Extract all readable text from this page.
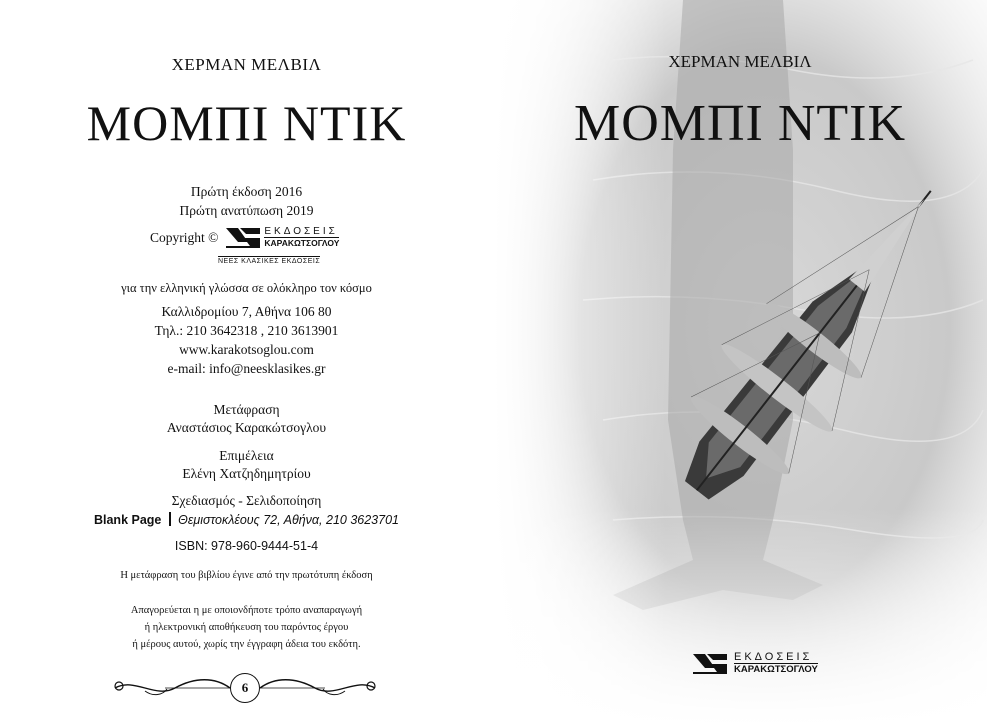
ΧΕΡΜΑΝ ΜΕΛΒΙΛ
ΜΟΜΠΙ ΝΤΙΚ
Πρώτη έκδοση 2016
Πρώτη ανατύπωση 2019
Copyright ©	ΕΚΔΟΣΕΙΣ
ΚΑΡΑΚΩΤΣΟΓΛΟΥ
ΝΕΕΣ ΚΛΑΣΙΚΕΣ ΕΚΔΟΣΕΙΣ
για την ελληνική γλώσσα σε ολόκληρο τον κόσμο
Καλλιδρομίου 7, Αθήνα 106 80
Τηλ.: 210 3642318 , 210 3613901
www.karakotsoglou.com
e-mail: info@neesklasikes.gr
Μετάφραση
Αναστάσιος Καρακώτσογλου
Επιμέλεια
Ελένη Χατζηδημητρίου
Σχεδιασμός - Σελιδοποίηση
Blank Page Θεμιστοκλέους 72, Αθήνα, 210 3623701
ISBN: 978-960-9444-51-4
Η μετάφραση του βιβλίου έγινε από την πρωτότυπη έκδοση
Απαγορεύεται η με οποιονδήποτε τρόπο αναπαραγωγή
ή ηλεκτρονική αποθήκευση του παρόντος έργου
ή μέρους αυτού, χωρίς την έγγραφη άδεια του εκδότη.
6
ΧΕΡΜΑΝ ΜΕΛΒΙΛ
ΜΟΜΠΙ ΝΤΙΚ
ΕΚΔΟΣΕΙΣ
ΚΑΡΑΚΩΤΣΟΓΛΟΥ
